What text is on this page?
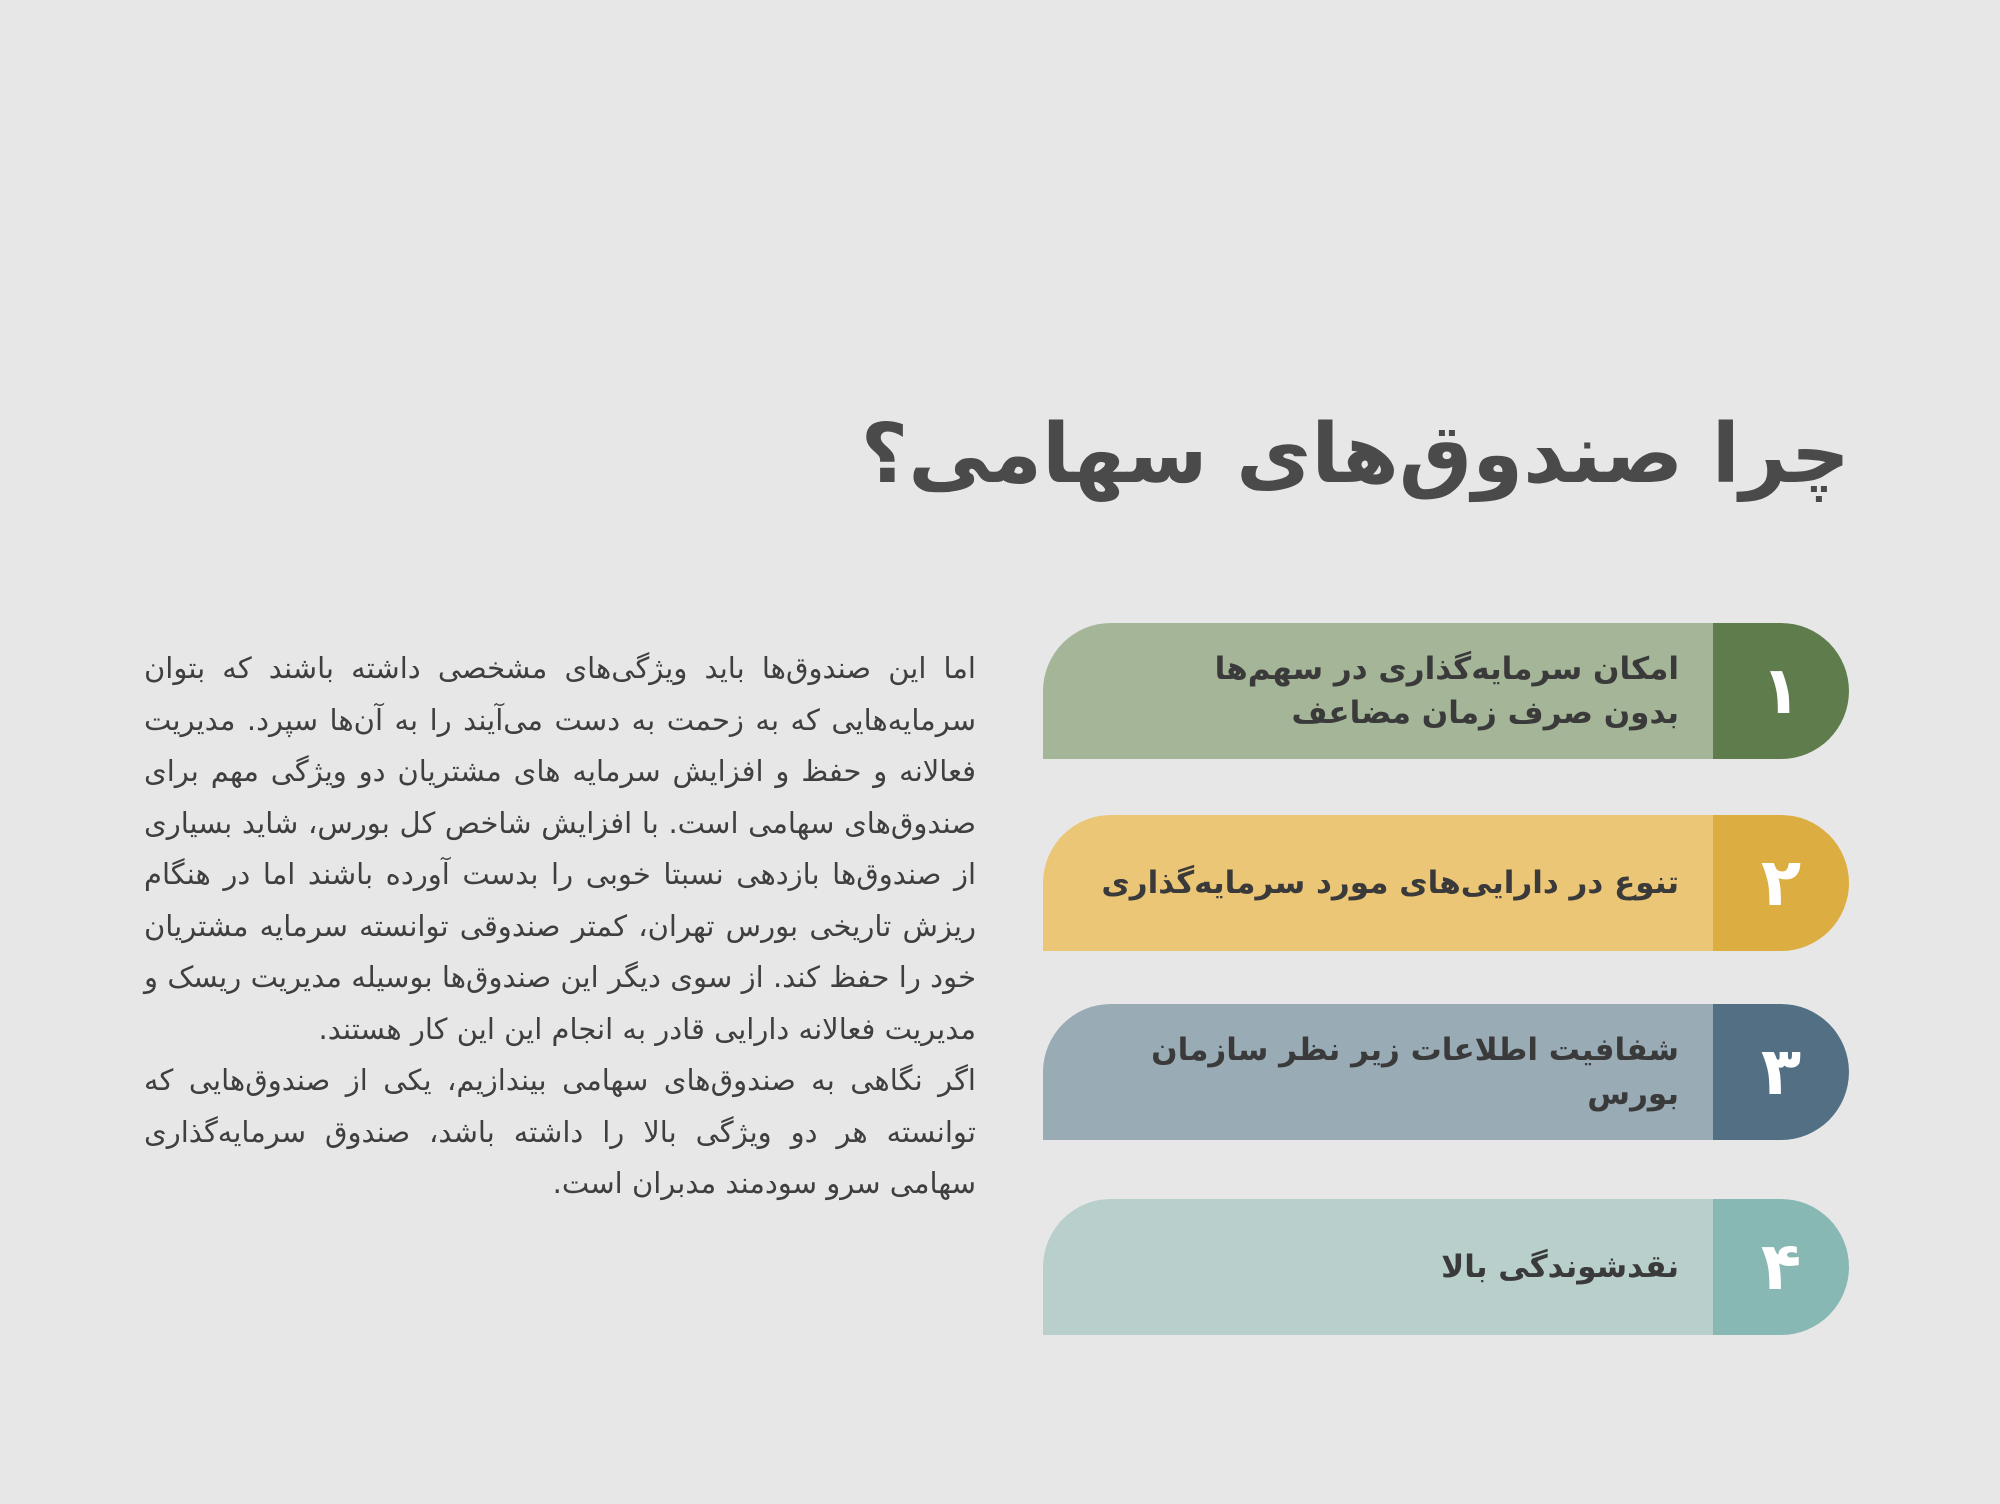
چرا صندوق‌های سهامی؟

اما این صندوق‌ها باید ویژگی‌های مشخصی داشته باشند که بتوان سرمایه‌هایی که به زحمت به دست می‌آیند را به آن‌ها سپرد. مدیریت فعالانه و حفظ و افزایش سرمایه های مشتریان دو ویژگی مهم برای صندوق‌های سهامی است. با افزایش شاخص کل بورس، شاید بسیاری از صندوق‌ها بازدهی نسبتا خوبی را بدست آورده باشند اما در هنگام ریزش تاریخی بورس تهران، کمتر صندوقی توانسته سرمایه مشتریان خود را حفظ کند. از سوی دیگر این صندوق‌ها بوسیله مدیریت ریسک و مدیریت فعالانه دارایی قادر به انجام این این کار هستند.

اگر نگاهی به صندوق‌های سهامی بیندازیم، یکی از صندوق‌هایی که توانسته هر دو ویژگی بالا را داشته باشد، صندوق سرمایه‌گذاری سهامی سرو سودمند مدبران است.

۱
امکان سرمایه‌گذاری در سهم‌ها
بدون صرف زمان مضاعف
۲
تنوع در دارایی‌های مورد سرمایه‌گذاری
۳
شفافیت اطلاعات زیر نظر سازمان بورس
۴
نقدشوندگی بالا
